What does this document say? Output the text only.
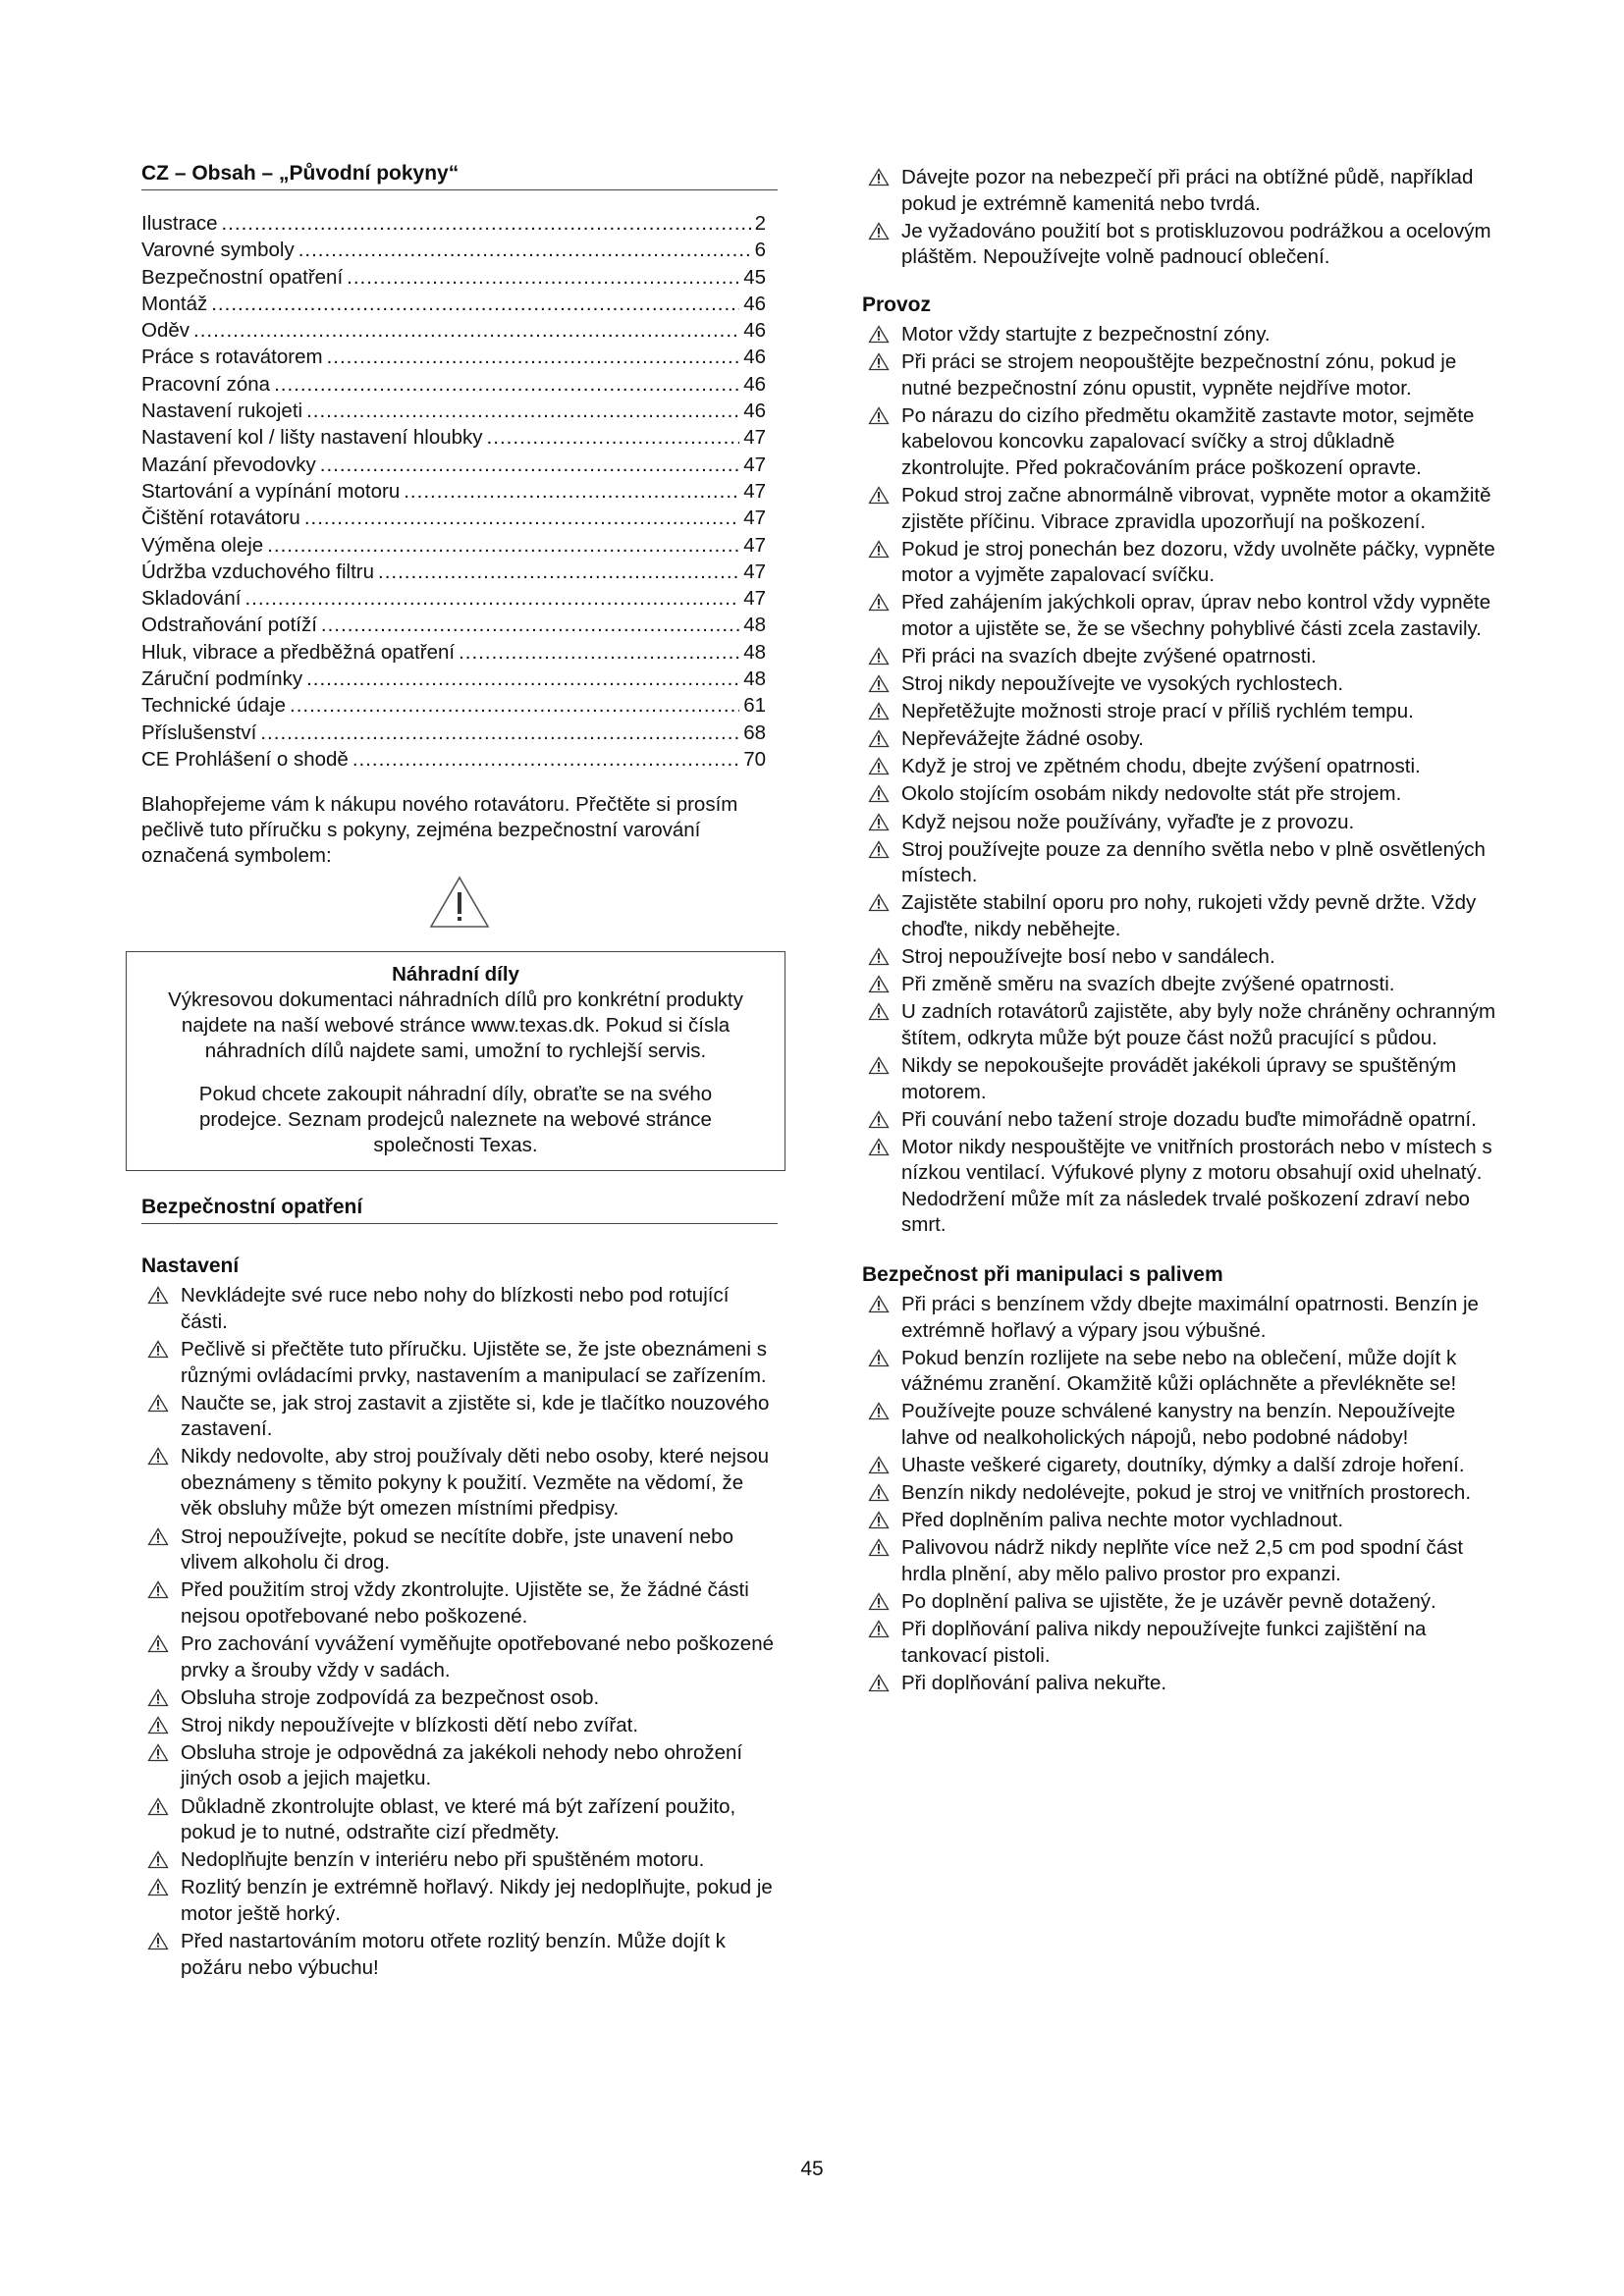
CZ – Obsah – „Původní pokyny“
Ilustrace .....	2
Varovné symboly .....	6
Bezpečnostní opatření .....	45
Montáž .....	46
Oděv .....	46
Práce s rotavátorem .....	46
Pracovní zóna .....	46
Nastavení rukojeti .....	46
Nastavení kol / lišty nastavení hloubky .....	47
Mazání převodovky .....	47
Startování a vypínání motoru .....	47
Čištění rotavátoru .....	47
Výměna oleje .....	47
Údržba vzduchového filtru .....	47
Skladování .....	47
Odstraňování potíží .....	48
Hluk, vibrace a předběžná opatření .....	48
Záruční podmínky .....	48
Technické údaje .....	61
Příslušenství .....	68
CE Prohlášení o shodě .....	70

Blahopřejeme vám k nákupu nového rotavátoru. Přečtěte si prosím pečlivě tuto příručku s pokyny, zejména bezpečnostní varování označená symbolem:

Náhradní díly

Výkresovou dokumentaci náhradních dílů pro konkrétní produkty najdete na naší webové stránce www.texas.dk. Pokud si čísla náhradních dílů najdete sami, umožní to rychlejší servis.

Pokud chcete zakoupit náhradní díly, obraťte se na svého prodejce. Seznam prodejců naleznete na webové stránce společnosti Texas.

Bezpečnostní opatření
Nastavení
Nevkládejte své ruce nebo nohy do blízkosti nebo pod rotující části.
Pečlivě si přečtěte tuto příručku. Ujistěte se, že jste obeznámeni s různými ovládacími prvky, nastavením a manipulací se zařízením.
Naučte se, jak stroj zastavit a zjistěte si, kde je tlačítko nouzového zastavení.
Nikdy nedovolte, aby stroj používaly děti nebo osoby, které nejsou obeznámeny s těmito pokyny k použití. Vezměte na vědomí, že věk obsluhy může být omezen místními předpisy.
Stroj nepoužívejte, pokud se necítíte dobře, jste unavení nebo vlivem alkoholu či drog.
Před použitím stroj vždy zkontrolujte. Ujistěte se, že žádné části nejsou opotřebované nebo poškozené.
Pro zachování vyvážení vyměňujte opotřebované nebo poškozené prvky a šrouby vždy v sadách.
Obsluha stroje zodpovídá za bezpečnost osob.
Stroj nikdy nepoužívejte v blízkosti dětí nebo zvířat.
Obsluha stroje je odpovědná za jakékoli nehody nebo ohrožení jiných osob a jejich majetku.
Důkladně zkontrolujte oblast, ve které má být zařízení použito, pokud je to nutné, odstraňte cizí předměty.
Nedoplňujte benzín v interiéru nebo při spuštěném motoru.
Rozlitý benzín je extrémně hořlavý. Nikdy jej nedoplňujte, pokud je motor ještě horký.
Před nastartováním motoru otřete rozlitý benzín. Může dojít k požáru nebo výbuchu!
Dávejte pozor na nebezpečí při práci na obtížné půdě, například pokud je extrémně kamenitá nebo tvrdá.
Je vyžadováno použití bot s protiskluzovou podrážkou a ocelovým pláštěm. Nepoužívejte volně padnoucí oblečení.
Provoz
Motor vždy startujte z bezpečnostní zóny.
Při práci se strojem neopouštějte bezpečnostní zónu, pokud je nutné bezpečnostní zónu opustit, vypněte nejdříve motor.
Po nárazu do cizího předmětu okamžitě zastavte motor, sejměte kabelovou koncovku zapalovací svíčky a stroj důkladně zkontrolujte. Před pokračováním práce poškození opravte.
Pokud stroj začne abnormálně vibrovat, vypněte motor a okamžitě zjistěte příčinu. Vibrace zpravidla upozorňují na poškození.
Pokud je stroj ponechán bez dozoru, vždy uvolněte páčky, vypněte motor a vyjměte zapalovací svíčku.
Před zahájením jakýchkoli oprav, úprav nebo kontrol vždy vypněte motor a ujistěte se, že se všechny pohyblivé části zcela zastavily.
Při práci na svazích dbejte zvýšené opatrnosti.
Stroj nikdy nepoužívejte ve vysokých rychlostech.
Nepřetěžujte možnosti stroje prací v příliš rychlém tempu.
Nepřevážejte žádné osoby.
Když je stroj ve zpětném chodu, dbejte zvýšení opatrnosti.
Okolo stojícím osobám nikdy nedovolte stát pře strojem.
Když nejsou nože používány, vyřaďte je z provozu.
Stroj používejte pouze za denního světla nebo v plně osvětlených místech.
Zajistěte stabilní oporu pro nohy, rukojeti vždy pevně držte. Vždy choďte, nikdy neběhejte.
Stroj nepoužívejte bosí nebo v sandálech.
Při změně směru na svazích dbejte zvýšené opatrnosti.
U zadních rotavátorů zajistěte, aby byly nože chráněny ochranným štítem, odkryta může být pouze část nožů pracující s půdou.
Nikdy se nepokoušejte provádět jakékoli úpravy se spuštěným motorem.
Při couvání nebo tažení stroje dozadu buďte mimořádně opatrní.
Motor nikdy nespouštějte ve vnitřních prostorách nebo v místech s nízkou ventilací. Výfukové plyny z motoru obsahují oxid uhelnatý. Nedodržení může mít za následek trvalé poškození zdraví nebo smrt.
Bezpečnost při manipulaci s palivem
Při práci s benzínem vždy dbejte maximální opatrnosti. Benzín je extrémně hořlavý a výpary jsou výbušné.
Pokud benzín rozlijete na sebe nebo na oblečení, může dojít k vážnému zranění. Okamžitě kůži opláchněte a převlékněte se!
Používejte pouze schválené kanystry na benzín. Nepoužívejte lahve od nealkoholických nápojů, nebo podobné nádoby!
Uhaste veškeré cigarety, doutníky, dýmky a další zdroje hoření.
Benzín nikdy nedolévejte, pokud je stroj ve vnitřních prostorech.
Před doplněním paliva nechte motor vychladnout.
Palivovou nádrž nikdy neplňte více než 2,5 cm pod spodní část hrdla plnění, aby mělo palivo prostor pro expanzi.
Po doplnění paliva se ujistěte, že je uzávěr pevně dotažený.
Při doplňování paliva nikdy nepoužívejte funkci zajištění na tankovací pistoli.
Při doplňování paliva nekuřte.
45
